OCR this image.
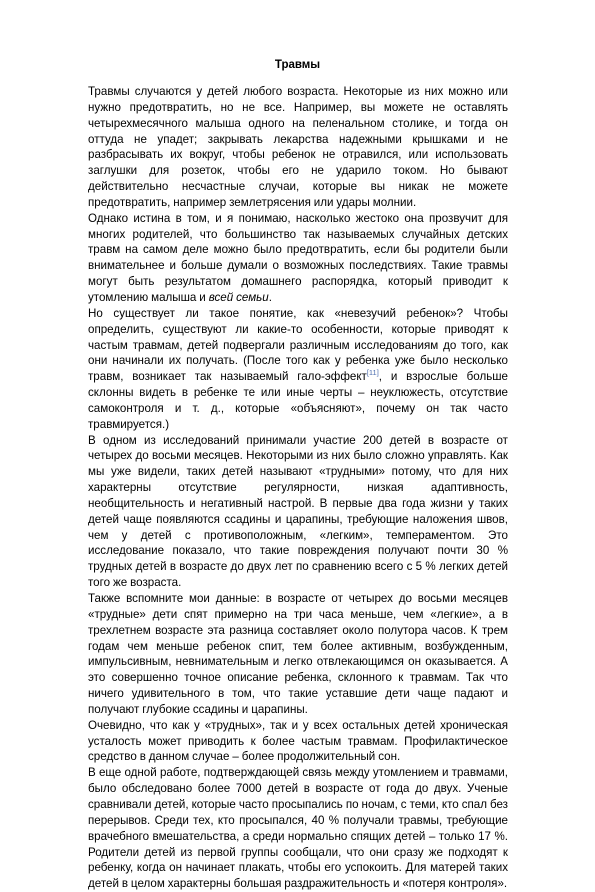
Травмы

Травмы случаются у детей любого возраста. Некоторые из них можно или нужно предотвратить, но не все. Например, вы можете не оставлять четырехмесячного малыша одного на пеленальном столике, и тогда он оттуда не упадет; закрывать лекарства надежными крышками и не разбрасывать их вокруг, чтобы ребенок не отравился, или использовать заглушки для розеток, чтобы его не ударило током. Но бывают действительно несчастные случаи, которые вы никак не можете предотвратить, например землетрясения или удары молнии.

Однако истина в том, и я понимаю, насколько жестоко она прозвучит для многих родителей, что большинство так называемых случайных детских травм на самом деле можно было предотвратить, если бы родители были внимательнее и больше думали о возможных последствиях. Такие травмы могут быть результатом домашнего распорядка, который приводит к утомлению малыша и всей семьи.

Но существует ли такое понятие, как «невезучий ребенок»? Чтобы определить, существуют ли какие-то особенности, которые приводят к частым травмам, детей подвергали различным исследованиям до того, как они начинали их получать. (После того как у ребенка уже было несколько травм, возникает так называемый гало-эффект[11], и взрослые больше склонны видеть в ребенке те или иные черты – неуклюжесть, отсутствие самоконтроля и т. д., которые «объясняют», почему он так часто травмируется.)

В одном из исследований принимали участие 200 детей в возрасте от четырех до восьми месяцев. Некоторыми из них было сложно управлять. Как мы уже видели, таких детей называют «трудными» потому, что для них характерны отсутствие регулярности, низкая адаптивность, необщительность и негативный настрой. В первые два года жизни у таких детей чаще появляются ссадины и царапины, требующие наложения швов, чем у детей с противоположным, «легким», темпераментом. Это исследование показало, что такие повреждения получают почти 30 % трудных детей в возрасте до двух лет по сравнению всего с 5 % легких детей того же возраста.

Также вспомните мои данные: в возрасте от четырех до восьми месяцев «трудные» дети спят примерно на три часа меньше, чем «легкие», а в трехлетнем возрасте эта разница составляет около полутора часов. К трем годам чем меньше ребенок спит, тем более активным, возбужденным, импульсивным, невнимательным и легко отвлекающимся он оказывается. А это совершенно точное описание ребенка, склонного к травмам. Так что ничего удивительного в том, что такие уставшие дети чаще падают и получают глубокие ссадины и царапины.

Очевидно, что как у «трудных», так и у всех остальных детей хроническая усталость может приводить к более частым травмам. Профилактическое средство в данном случае – более продолжительный сон.

В еще одной работе, подтверждающей связь между утомлением и травмами, было обследовано более 7000 детей в возрасте от года до двух. Ученые сравнивали детей, которые часто просыпались по ночам, с теми, кто спал без перерывов. Среди тех, кто просыпался, 40 % получали травмы, требующие врачебного вмешательства, а среди нормально спящих детей – только 17 %. Родители детей из первой группы сообщали, что они сразу же подходят к ребенку, когда он начинает плакать, чтобы его успокоить. Для матерей таких детей в целом характерны большая раздражительность и «потеря контроля».
